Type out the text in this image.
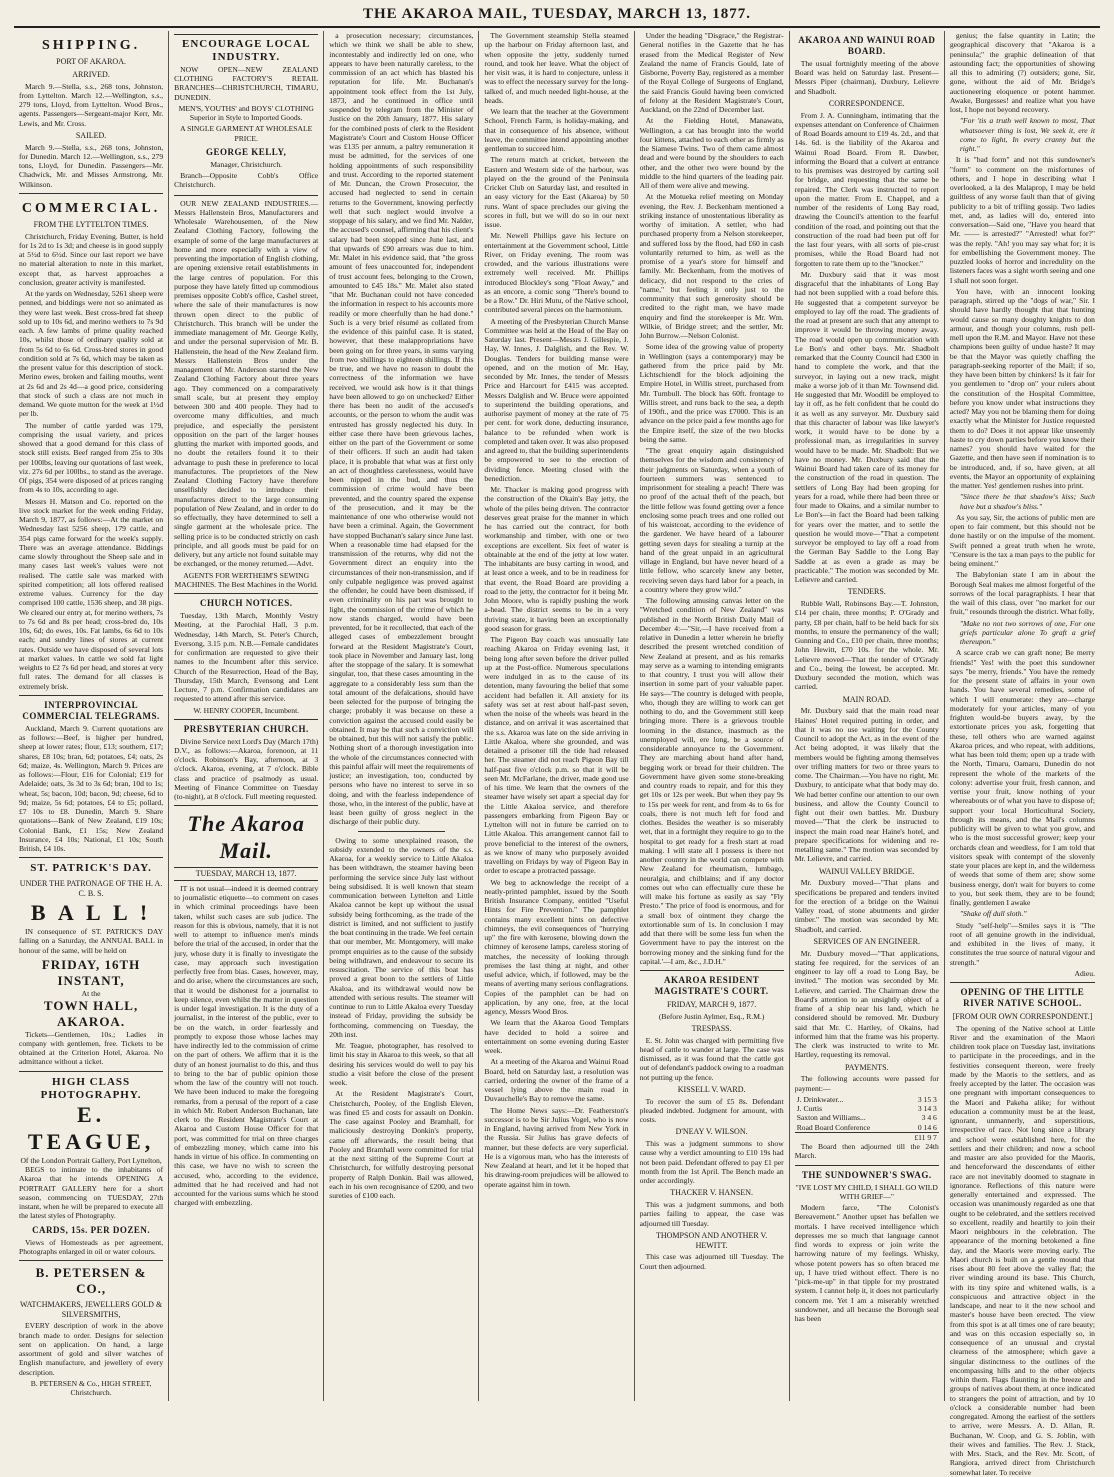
THE AKAROA MAIL, TUESDAY, MARCH 13, 1877.
SHIPPING.
PORT OF AKAROA.
ARRIVED.

March 9.—Stella, s.s., 268 tons, Johnston, from Lyttelton. March 12.—Wellington, s.s., 279 tons, Lloyd, from Lyttelton. Wood Bros., agents. Passengers—Sergeant-major Kerr, Mr. Lewis, and Mr. Cross.

SAILED.

March 9.—Stella, s.s., 268 tons, Johnston, for Dunedin. March 12.—Wellington, s.s., 279 tons, Lloyd, for Dunedin. Passengers—Mr. Chadwick, Mr. and Misses Armstrong, Mr. Wilkinson.

COMMERCIAL.
FROM THE LYTTELTON TIMES.

Christchurch, Friday Evening. Butter, is held for 1s 2d to 1s 3d; and cheese is in good supply at 5½d to 6½d. Since our last report we have no material alteration to note in this market, except that, as harvest approaches a conclusion, greater activity is manifested.

At the yards on Wednesday, 5261 sheep were penned, and biddings were not so animated as they were last week. Best cross-bred fat sheep sold up to 10s 6d, and merino wethers to 7s 9d each. A few lambs of prime quality reached 10s, whilst those of ordinary quality sold at from 5s 6d to 6s 6d. Cross-bred stores in good condition sold at 7s 6d, which may be taken as the present value for this description of stock. Merino ewes, broken and failing mouths, went at 2s 6d and 2s 4d—a good price, considering that stock of such a class are not much in demand. We quote mutton for the week at 1½d per lb.

The number of cattle yarded was 179, comprising the usual variety, and prices showed that a good demand for this class of stock still exists. Beef ranged from 25s to 30s per 100lbs, leaving our quotations of last week, viz. 27s 6d per 100lbs., to stand as the average. Of pigs, 354 were disposed of at prices ranging from 4s to 10s, according to age.

Messrs H. Matson and Co. reported on the live stock market for the week ending Friday, March 9, 1877, as follows:—At the market on Wednesday last 5256 sheep, 179 cattle, and 354 pigs came forward for the week's supply. There was an average attendance. Biddings came slowly throughout the Sheep sale and in many cases last week's values were not realised. The cattle sale was marked with spirited competition; all lots offered realised extreme values. Currency for the day comprised 100 cattle, 1536 sheep, and 38 pigs. We cleared our entry at, for merino wethers, 7s to 7s 6d and 8s per head; cross-bred do, 10s 10s, 6d; do ewes, 10s. Fat lambs, 6s 6d to 10s each; and sundry lines of stores at current rates. Outside we have disposed of several lots at market values. In cattle we sold fat light weights to £2 7s 6d per head, and stores at very full rates. The demand for all classes is extremely brisk.

INTERPROVINCIAL COMMERCIAL TELEGRAMS.

Auckland, March 9. Current quotations are as follows:—Beef, is higher per hundred, sheep at lower rates; flour, £13; southern, £17; shares, £8 10s; bran, 6d; potatoes, £4; oats, 2s 6d; maize, 4s. Wellington, March 9. Prices are as follows:—Flour, £16 for Colonial; £19 for Adelaide; oats, 3s 3d to 3s 6d; bran, 10d to 1s; wheat, 5s; bacon, 10d; bacon, 9d; cheese, 6d to 9d; maize, 5s 6d; potatoes, £4 to £5; pollard, £7 10s to £8. Dunedin, March 9. Share quotations—Bank of New Zealand, £19 10s; Colonial Bank, £1 15s; New Zealand Insurance, £4 10s; National, £1 10s; South British, £4 10s.

ST. PATRICK'S DAY.
UNDER THE PATRONAGE OF THE H. A. C. B. S.
B A L L !

IN consequence of ST. PATRICK'S DAY falling on a Saturday, the ANNUAL BALL in honour of the same, will be held on

FRIDAY, 16TH INSTANT,
At the
TOWN HALL, AKAROA.

Tickets—Gentlemen, 10s.; Ladies in company with gentlemen, free. Tickets to be obtained at the Criterion Hotel, Akaroa. No admittance without a ticket.

HIGH CLASS PHOTOGRAPHY.
E. TEAGUE,
Of the London Portrait Gallery, Port Lyttelton,

BEGS to intimate to the inhabitants of Akaroa that he intends OPENING A PORTRAIT GALLERY here for a short season, commencing on TUESDAY, 27th instant, when he will be prepared to execute all the latest styles of Photography.

CARDS, 15s. PER DOZEN.

Views of Homesteads as per agreement, Photographs enlarged in oil or water colours.

B. PETERSEN & CO.,
WATCHMAKERS, JEWELLERS GOLD & SILVERSMITHS,

EVERY description of work in the above branch made to order. Designs for selection sent on application. On hand, a large assortment of gold and silver watches of English manufacture, and jewellery of every description.

B. PETERSEN & Co., HIGH STREET, Christchurch.

ENCOURAGE LOCAL INDUSTRY.

NOW OPEN—NEW ZEALAND CLOTHING FACTORY'S RETAIL BRANCHES—CHRISTCHURCH, TIMARU, DUNEDIN.

MEN'S, YOUTHS' and BOYS' CLOTHING Superior in Style to Imported Goods.

A SINGLE GARMENT AT WHOLESALE PRICE.

GEORGE KELLY,

Manager, Christchurch.

Branch—Opposite Cobb's Office Christchurch.

OUR NEW ZEALAND INDUSTRIES.—Messrs Hallenstein Bros, Manufacturers and Wholesale Warehousemen, of the New Zealand Clothing Factory, following the example of some of the large manufacturers at home and more especially with a view of preventing the importation of English clothing, are opening extensive retail establishments in the large centres of population. For this purpose they have lately fitted up commodious premises opposite Cobb's office, Cashel street, where the sale of their manufactures is now thrown open direct to the public of Christchurch. This branch will be under the immediate management of Mr. George Kelly, and under the personal supervision of Mr. B. Hallenstein, the head of the New Zealand firm. Messrs Hallenstein Bros under the management of Mr. Anderson started the New Zealand Clothing Factory about three years ago. They commenced on a comparatively small scale, but at present they employ between 300 and 400 people. They had to overcome many difficulties, and much prejudice, and especially the persistent opposition on the part of the larger houses glutting the market with imported goods, and no doubt the retailers found it to their advantage to push these in preference to local manufactures. The proprietors of the New Zealand Clothing Factory have therefore unselfishly decided to introduce their manufactures direct to the large consuming population of New Zealand, and in order to do so effectually, they have determined to sell a single garment at the wholesale price. The selling price is to be conducted strictly on cash principle, and all goods must be paid for on delivery, but any article not found suitable may be exchanged, or the money returned.—Advt.

AGENTS FOR WERTHEIM'S SEWING MACHINES. The Best Machines in the World.

CHURCH NOTICES.

Tuesday, 13th March, Monthly Vestry Meeting, at the Parochial Hall, 3 p.m. Wednesday, 14th March, St. Peter's Church, Eversong, 3.15 p.m. N.B.—Female candidates for confirmation are requested to give their names to the Incumbent after this service. Church of the Resurrection, Head of the Bay, Thursday, 15th March, Evensong and Lent Lecture, 7 p.m. Confirmation candidates are requested to attend after this service.

W. HENRY COOPER, Incumbent.

PRESBYTERIAN CHURCH.

Divine Service next Lord's Day (March 17th) D.V., as follows:—Akaroa, forenoon, at 11 o'clock. Robinson's Bay, afternoon, at 3 o'clock. Akaroa, evening, at 7 o'clock. Bible class and practice of psalmody as usual. Meeting of Finance Committee on Tuesday (to-night), at 8 o'clock. Full meeting requested.

The Akaroa Mail.
TUESDAY, MARCH 13, 1877.

IT is not usual—indeed it is deemed contrary to journalistic etiquette—to comment on cases in which criminal proceedings have been taken, whilst such cases are sub judice. The reason for this is obvious, namely, that it is not well to attempt to influence men's minds before the trial of the accused, in order that the jury, whose duty it is finally to investigate the case, may approach such investigation perfectly free from bias. Cases, however, may, and do arise, where the circumstances are such, that it would be dishonest for a journalist to keep silence, even whilst the matter in question is under legal investigation. It is the duty of a journalist, in the interest of the public, ever to be on the watch, in order fearlessly and promptly to expose those whose laches may have indirectly led to the commission of crime on the part of others. We affirm that it is the duty of an honest journalist to do this, and thus to bring to the bar of public opinion those whom the law of the country will not touch. We have been induced to make the foregoing remarks, from a perusal of the report of a case in which Mr. Robert Anderson Buchanan, late clerk to the Resident Magistrate's Court at Akaroa and Custom House Officer for that port, was committed for trial on three charges of embezzling money, which came into his hands in virtue of his office. In commenting on this case, we have no wish to screen the accused, who, according to the evidence, admitted that he had received and had not accounted for the various sums which he stood charged with embezzling.

a prosecution necessary; circumstances, which we think we shall be able to shew, incontestably and indirectly led on one, who appears to have been naturally careless, to the commission of an act which has blasted his reputation for life. Mr. Buchanan's appointment took effect from the 1st July, 1873, and he continued in office until suspended by telegram from the Minister of Justice on the 20th January, 1877. His salary for the combined posts of clerk to the Resident Magistrate's Court and Custom House Officer was £135 per annum, a paltry remuneration it must be admitted, for the services of one holding appointments of such responsibility and trust. According to the reported statement of Mr. Duncan, the Crown Prosecutor, the accused had neglected to send in certain returns to the Government, knowing perfectly well that such neglect would involve a stoppage of his salary, and we find Mr. Nalder, the accused's counsel, affirming that his client's salary had been stopped since June last, and that upwards of £90 arrears was due to him. Mr. Malet in his evidence said, that "the gross amount of fees unaccounted for, independent of trust account fees, belonging to the Crown, amounted to £45 18s." Mr. Malet also stated "that Mr. Buchanan could not have conceded the information in respect to his accounts more readily or more cheerfully than he had done." Such is a very brief résumé as collated from the evidence of this painful case. It is stated, however, that these malappropriations have been going on for three years, in sums varying from two shillings to eighteen shillings. If this be true, and we have no reason to doubt the correctness of the information we have received, we would ask how is it that things have been allowed to go on unchecked? Either there has been no audit of the accused's accounts, or the person to whom the audit was entrusted has grossly neglected his duty. In either case there have been grievous laches, either on the part of the Government or some of their officers. If such an audit had taken place, it is probable that what was at first only an act of thoughtless carelessness, would have been nipped in the bud, and thus the commission of crime would have been prevented, and the country spared the expense of the prosecution, and it may be the maintenance of one who otherwise would not have been a criminal. Again, the Government have stopped Buchanan's salary since June last. When a reasonable time had elapsed for the transmission of the returns, why did not the Government direct an enquiry into the circumstances of their non-transmission, and if only culpable negligence was proved against the offender, he could have been dismissed, if even criminality on his part was brought to light, the commission of the crime of which he now stands charged, would have been prevented, for be it recollected, that each of the alleged cases of embezzlement brought forward at the Resident Magistrate's Court, took place in November and January last, long after the stoppage of the salary. It is somewhat singular, too, that these cases amounting in the aggregate to a considerably less sum than the total amount of the defalcations, should have been selected for the purpose of bringing the charge; probably it was because on these a conviction against the accused could easily be obtained. It may be that such a conviction will be obtained, but this will not satisfy the public. Nothing short of a thorough investigation into the whole of the circumstances connected with this painful affair will meet the requirements of justice; an investigation, too, conducted by persons who have no interest to serve in so doing, and with the fearless independence of those, who, in the interest of the public, have at least been guilty of gross neglect in the discharge of their public duty.

Owing to some unexplained reason, the subsidy extended to the owners of the s.s. Akaroa, for a weekly service to Little Akaloa has been withdrawn, the steamer having been performing the service since July last without being subsidised. It is well known that steam communication between Lyttelton and Little Akaloa cannot be kept up without the usual subsidy being forthcoming, as the trade of the district is limited, and not sufficient to justify the boat continuing in the trade. We feel certain that our member, Mr. Montgomery, will make prompt enquiries as to the cause of the subsidy being withdrawn, and endeavour to secure its resuscitation. The service of this boat has proved a great boon to the settlers of Little Akaloa, and its withdrawal would now be attended with serious results. The steamer will continue to run to Little Akaloa every Tuesday instead of Friday, providing the subsidy be forthcoming, commencing on Tuesday, the 20th inst.

Mr. Teague, photographer, has resolved to limit his stay in Akaroa to this week, so that all desiring his services would do well to pay his studio a visit before the close of the present week.

At the Resident Magistrate's Court, Christchurch, Pooley, of the English Eleven, was fined £5 and costs for assault on Donkin. The case against Pooley and Bramhall, for maliciously destroying Donkin's property, came off afterwards, the result being that Pooley and Bramhall were committed for trial at the next sitting of the Supreme Court at Christchurch, for wilfully destroying personal property of Ralph Donkin. Bail was allowed, each in his own recognisance of £200, and two sureties of £100 each.

The Government steamship Stella steamed up the harbour on Friday afternoon last, and when opposite the jetty, suddenly turned round, and took her leave. What the object of her visit was, it is hard to conjecture, unless it was to effect the necessary survey for the long-talked of, and much needed light-house, at the heads.

We learn that the teacher at the Government School, French Farm, is holiday-making, and that in consequence of his absence, without leave, the committee intend appointing another gentleman to succeed him.

The return match at cricket, between the Eastern and Western side of the harbour, was played on the the ground of the Peninsula Cricket Club on Saturday last, and resulted in an easy victory for the East (Akaroa) by 50 runs. Want of space precludes our giving the scores in full, but we will do so in our next issue.

Mr. Newell Phillips gave his lecture on entertainment at the Government school, Little River, on Friday evening. The room was crowded, and the various illustrations were extremely well received. Mr. Phillips introduced Blockley's song "Float Away," and as an encore, a comic song "There's bound to be a Row." Dr. Hiri Mutu, of the Native school, contributed several pieces on the harmonium.

A meeting of the Presbyterian Church Manse Committee was held at the Head of the Bay on Saturday last. Present—Messrs J. Gillespie, J. Hay, W. Innes, J. Dalglish, and the Rev. W. Douglas. Tenders for building manse were opened, and on the motion of Mr. Hay, seconded by Mr. Innes, the tender of Messrs Price and Harcourt for £415 was accepted. Messrs Dalglish and W. Bruce were appointed to superintend the building operations, and authorise payment of money at the rate of 75 per cent. for work done, deducting insurance, balance to be refunded when work is completed and taken over. It was also proposed and agreed to, that the building superintendents be empowered to see to the erection of dividing fence. Meeting closed with the benediction.

Mr. Thacker is making good progress with the construction of the Okain's Bay jetty, the whole of the piles being driven. The contractor deserves great praise for the manner in which he has carried out the contract, for both workmanship and timber, with one or two exceptions are excellent. Six feet of water is obtainable at the end of the jetty at low water. The inhabitants are busy carting in wood, and at least once a week, and to be in readiness for that event, the Road Board are providing a road to the jetty, the contractor for it being Mr. John Moore, who is rapidly pushing the work a-head. The district seems to be in a very thriving state, it having been an exceptionally good season for grass.

The Pigeon Bay coach was unusually late reaching Akaroa on Friday evening last, it being long after seven before the driver pulled up at the Post-office. Numerous speculations were indulged in as to the cause of its detention, many favouring the belief that some accident had befallen it. All anxiety for its safety was set at rest about half-past seven, when the noise of the wheels was heard in the distance, and on arrival it was ascertained that the s.s. Akaroa was late on the side arriving in Little Akaloa, where she grounded, and was detained a prisoner till the tide had released her. The steamer did not reach Pigeon Bay till half-past five o'clock p.m. so that it will be seen Mr. McFarlane, the driver, made good use of his time. We learn that the owners of the steamer have wisely set apart a special day for the Little Akaloa service, and therefore passengers embarking from Pigeon Bay or Lyttelton will not in future be carried on to Little Akaloa. This arrangement cannot fail to prove beneficial to the interest of the owners, as we know of many who purposely avoided travelling on Fridays by way of Pigeon Bay in order to escape a protracted passage.

We beg to acknowledge the receipt of a neatly-printed pamphlet, issued by the South British Insurance Company, entitled "Useful Hints for Fire Prevention." The pamphlet contains many excellent hints on defective chimneys, the evil consequences of "hurrying up" the fire with kerosene, blowing down the chimney of kerosene lamps, careless storing of matches, the necessity of looking through premises the last thing at night, and other useful advice, which, if followed, may be the means of averting many serious conflagrations. Copies of the pamphlet can be had on application, by any one, free, at the local agency, Messrs Wood Bros.

We learn that the Akaroa Good Templars have decided to hold a soiree and entertainment on some evening during Easter week.

At a meeting of the Akaroa and Wainui Road Board, held on Saturday last, a resolution was carried, ordering the owner of the frame of a vessel lying above the main road in Duvauchelle's Bay to remove the same.

The Home News says:—Dr. Featherston's successor is to be Sir Julius Vogel, who is now in England, having arrived from New York in the Russia. Sir Julius has grave defects of manner, but these defects are very superficial. He is a vigorous man, who has the interests of New Zealand at heart, and let it be hoped that his drawing-room prejudices will be allowed to operate against him in town.

Under the heading "Disgrace," the Registrar-General notifies in the Gazette that he has erased from the Medical Register of New Zealand the name of Francis Gould, late of Gisborne, Poverty Bay, registered as a member of the Royal College of Surgeons of England, the said Francis Gould having been convicted of felony at the Resident Magistrate's Court, Auckland, on the 22nd of December last.

At the Fielding Hotel, Manawatu, Wellington, a cat has brought into the world four kittens, attached to each other as firmly as the Siamese Twins. Two of them came almost dead and were bound by the shoulders to each other, and the other two were bound by the middle to the hind quarters of the leading pair. All of them were alive and mewing.

At the Motueka relief meeting on Monday evening, the Rev. J. Beckenham mentioned a striking instance of unostentatious liberality as worthy of imitation. A settler, who had purchased property from a Nelson storekeeper, and suffered loss by the flood, had £60 in cash voluntarily returned to him, as well as the promise of a year's store for himself and family. Mr. Beckenham, from the motives of delicacy, did not respond to the cries of "name," but feeling it only just to the community that such generosity should be credited to the right man, we have made enquiry and find the storekeeper is Mr. Wm. Wilkie, of Bridge street; and the settler, Mr. John Burrow.—Nelson Colonist.

Some idea of the growing value of property in Wellington (says a contemporary) may be gathered from the price paid by Mr. Lichtschiendl for the block adjoining the Empire Hotel, in Willis street, purchased from Mr. Turnbull. The block has 60ft. frontage to Willis street, and runs back to the sea, a depth of 190ft., and the price was £7000. This is an advance on the price paid a few months ago for the Empire itself, the size of the two blocks being the same.

"The great enquiry again distinguished themselves for the wisdom and consistency of their judgments on Saturday, when a youth of fourteen summers was sentenced to imprisonment for stealing a peach! There was no proof of the actual theft of the peach, but the little fellow was found getting over a fence enclosing some peach trees and one rolled out of his waistcoat, according to the evidence of the gardener. We have heard of a labourer getting seven days for stealing a turnip at the hand of the great unpaid in an agricultural village in England, but have never heard of a little fellow, who scarcely knew any better, receiving seven days hard labor for a peach, in a country where they grow wild."

The following amusing canvas letter on the "Wretched condition of New Zealand" was published in the North British Daily Mail of December 4:—"Sir,—I have received from a relative in Dunedin a letter wherein he briefly described the present wretched condition of New Zealand at present, and as his remarks may serve as a warning to intending emigrants to that country, I trust you will allow their insertion in some part of your valuable paper. He says—'The country is deluged with people, who, though they are willing to work can get nothing to do, and the Government still keep bringing more. There is a grievous trouble looming in the distance, inasmuch as the unemployed will, ere long, be a source of considerable annoyance to the Government. They are marching about hand after hand, begging work or bread for their children. The Government have given some stone-breaking and country roads to repair, and for this they get 10s or 12s per week. But when they pay 9s to 15s per week for rent, and from 4s to 6s for coals, there is not much left for food and clothes. Besides the weather is so miserably wet, that in a fortnight they require to go to the hospital to get ready for a fresh start at road making. I will state all I possess is there not another country in the world can compete with New Zealand for rheumatism, lumbago, neuralgia, and chilblains; and if any doctor comes out who can effectually cure these he will make his fortune as easily as say "Fly Presto." The price of food is enormous, and for a small box of ointment they charge the extortionable sum of 1s. In conclusion I may add that there will be some less fun when the Government have to pay the interest on the borrowing money and the sinking fund for the capital.'—I am, &c., J.D.H."

AKAROA RESIDENT MAGISTRATE'S COURT.
FRIDAY, MARCH 9, 1877.
(Before Justin Aylmer, Esq., R.M.)
TRESPASS.

E. St. John was charged with permitting five head of cattle to wander at large. The case was dismissed, as it was found that the cattle got out of defendant's paddock owing to a roadman not putting up the fence.

KISSELL V. WARD.

To recover the sum of £5 8s. Defendant pleaded indebted. Judgment for amount, with costs.

D'NEAY V. WILSON.

This was a judgment summons to show cause why a verdict amounting to £10 19s had not been paid. Defendant offered to pay £1 per month from the 1st April. The Bench made an order accordingly.

THACKER V. HANSEN.

This was a judgment summons, and both parties failing to appear, the case was adjourned till Tuesday.

THOMPSON AND ANOTHER V. HEWITT.

This case was adjourned till Tuesday. The Court then adjourned.

AKAROA AND WAINUI ROAD BOARD.

The usual fortnightly meeting of the above Board was held on Saturday last. Present—Messrs Piper (chairman), Duxbury, Lelievre and Shadbolt.

CORRESPONDENCE.

From J. A. Cunningham, intimating that the expenses attendant on Conference of Chairmen of Road Boards amount to £19 4s. 2d., and that 14s. 6d. is the liability of the Akaroa and Wainui Road Board. From R. Dawber, informing the Board that a culvert at entrance to his premises was destroyed by carting soil for bridge, and requesting that the same be repaired. The Clerk was instructed to report upon the matter. From E. Chappel, and a number of the residents of Long Bay road, drawing the Council's attention to the fearful condition of the road, and pointing out that the construction of the road had been put off for the last four years, with all sorts of pie-crust promises, while the Road Board had not forgotten to rate them up to the "knocker."

Mr. Duxbury said that it was most disgraceful that the inhabitants of Long Bay had not been supplied with a road before this. He suggested that a competent surveyor be employed to lay off the road. The gradients of the road at present are such that any attempt to improve it would be throwing money away. The road would open up communication with Le Bon's and other bays. Mr. Shadbolt remarked that the County Council had £300 in hand to complete the work, and that the surveyor, in laying out a new track, might make a worse job of it than Mr. Townsend did. He suggested that Mr. Woodill be employed to lay it off, as he felt confident that he could do it as well as any surveyor. Mr. Duxbury said that this character of labour was like lawyer's work, it would have to be done by a professional man, as irregularities in survey would have to be made. Mr. Shadbolt: But we have no money. Mr. Duxbury said that the Wainui Board had taken care of its money for the construction of the road in question. The settlers of Long Bay had been groping for years for a road, while there had been three or four made to Okains, and a similar number to Le Bon's—in fact the Board had been talking for years over the matter, and to settle the question he would move—"That a competent surveyor be employed to lay off a road from the German Bay Saddle to the Long Bay Saddle at as even a grade as may be practicable." The motion was seconded by Mr. Lelievre and carried.

TENDERS.

Rubble Wall, Robinsons Bay.—T. Johnston, £14 per chain, three months; P. O'Grady and party, £8 per chain, half to be held back for six months, to ensure the permanency of the wall; Gunning and Co., £10 per chain, three months; John Hewitt, £70 10s. for the whole. Mr. Lelievre moved—That the tender of O'Grady and Co., being the lowest, be accepted. Mr. Duxbury seconded the motion, which was carried.

MAIN ROAD.

Mr. Duxbury said that the main road near Haines' Hotel required putting in order, and that it was no use waiting for the County Council to adopt the Act, as in the event of the Act being adopted, it was likely that the members would be fighting among themselves over trifling matters for two or three years to come. The Chairman.—You have no right, Mr. Duxbury, to anticipate what that body may do. We had better confine our attention to our own business, and allow the County Council to fight out their own battles. Mr. Duxbury moved—"That the clerk be instructed to inspect the main road near Haine's hotel, and prepare specifications for widening and re-metalling same." The motion was seconded by Mr. Lelievre, and carried.

WAINUI VALLEY BRIDGE.

Mr. Duxbury moved—"That plans and specifications be prepared and tenders invited for the erection of a bridge on the Wainui Valley road, of stone abutments and girder timber." The motion was seconded by Mr. Shadbolt, and carried.

SERVICES OF AN ENGINEER.

Mr. Duxbury moved—"That applications, stating fee required, for the services of an engineer to lay off a road to Long Bay, be invited." The motion was seconded by Mr. Lelievre, and carried. The Chairman drew the Board's attention to an unsightly object of a frame of a ship near his land, which he considered should be removed. Mr. Duxbury said that Mr. C. Hartley, of Okains, had informed him that the frame was his property. The clerk was instructed to write to Mr. Hartley, requesting its removal.

PAYMENTS.

The following accounts were passed for payment:—

J. Drinkwater...	3 15 3
J. Curtis	3 14 3
Saxton and Williams...	3 4 6
Road Board Conference	0 14 6
	£11 9 7

The Board then adjourned till the 24th March.

THE SUNDOWNER'S SWAG.

"IVE LOST MY CHILD, I SHALL GO WILD WITH GRIEF—"

Modern farce, "The Colonist's Bereavement." Another upset has befallen we mortals. I have received intelligence which depresses me so much that language cannot find words to express or join write the harrowing nature of my feelings. Whisky, whose potent powers has so often braced me up, I have tried without effect. There is no "pick-me-up" in that tipple for my prostrated system. I cannot help it, it does not particularly concern me. Yet I am a miserably wretched sundowner, and all because the Borough seal has been

genius; the false quantity in Latin; the geographical discovery that "Akaroa is a peninsula;" the graphic delineation of that astounding fact; the opportunities of showing all this to admiring (?) outsiders; gone, Sir, gone, without the aid of Mr. Bridge's auctioneering eloquence or potent hammer. Awake, Burgesses! and realize what you have lost, I hope not beyond recovery.

"For 'tis a truth well known to most, That whatsoever thing is lost, We seek it, ere it come to light, In every cranny but the right."

It is "bad form" and not this sundowner's "form" to comment on the misfortunes of others, and I hope in describing what I overlooked, a la des Malaprop, I may be held guiltless of any worse fault than that of giving publicity to a bit of trifling gossip. Two ladies met, and, as ladies will do, entered into conversation—Said one, "Have you heard that Mr. —— is arrested?" "Arrested! what for?" was the reply. "Ah! you may say what for; it is for embellishing the Government money. The puzzled looks of horror and incredulity on the listeners faces was a sight worth seeing and one I shall not soon forget.

You have, with an innocent looking paragraph, stirred up the "dogs of war," Sir. I should have hardly thought that that hunting would cause so many doughty knights to don armour, and though your columns, rush pell-mell upon the R.M. and Mayor. Have not these champions been guilty of undue haste? It may be that the Mayor was quietly chaffing the paragraph-seeking reporter of the Mail; if so, they have been bitten by chinkers! Is it fair for you gentlemen to "drop on" your rulers about the constitution of the Hospital Committee, before you know under what instructions they acted? May you not be blaming them for doing exactly what the Minister for Justice requested them to do? Does it not appear like unseemly haste to cry down parties before you know their names? you should have waited for the Gazette, and then have seen if nomination is to be introduced, and, if so, have given, at all events, the Mayor an opportunity of explaining the matter. Yes! gentlemen rushes into print.

"Since there be that shadow's kiss; Such have but a shadow's bliss."

As you say, Sir, the actions of public men are open to fair comment, but this should not be done hastily or on the impulse of the moment. Swift penned a great truth when he wrote, "Censure is the tax a man pays to the public for being eminent."

The Babylonian state I am in about the Borough Seal makes me almost forgetful of the sorrows of the local paragraphists. I hear that the wail of this class, over "no market for our fruit," resounds through the district. What folly,

"Make no not two sorrows of one, For one griefs particular alone To graft a grief thereupon."

A scarce crab we can graft none; Be merry friends!" Yes! with the poet this sundowner says "be merry, friends." You have the remedy for the present state of affairs in your own hands. You have several remedies, some of which I will enumerate: they are—charge moderately for your articles, many of you frighten would-be buyers away, by the extortionate prices you ask, forgetting that these, tell others who are warned against Akaroa prices, and who repeat, with additions, what has been told them; open up a trade with the North, Timaru, Oamaru, Dunedin do not represent the whole of the markets of the colony: advertise your fruit, fresh cannon, and vertise your fruit, know nothing of your whereabouts or of what you have to dispose of; support your local Horticultural Society, through its means, and the Mail's columns publicity will be given to what you grow, and who is the most successful grower; keep your orchards clean and weedless, for I am told that visitors speak with contempt of the slovenly state your places are kept in, and the wilderness of weeds that some of them are; show some business energy, don't wait for buyers to come to you, but seek them, they are to be found; finally, gentlemen I awake

"Shake off dull sloth."

Study "self-help"—Smiles says it is "The root of all genuine growth in the individual, and exhibited in the lives of many, it constitutes the true source of natural vigour and strength."

Adieu.

OPENING OF THE LITTLE RIVER NATIVE SCHOOL.
[FROM OUR OWN CORRESPONDENT.]

The opening of the Native school at Little River and the examination of the Maori children took place on Tuesday last, invitations to participate in the proceedings, and in the festivities consequent thereon, were freely made by the Maoris to the settlers, and as freely accepted by the latter. The occasion was one pregnant with important consequences to the Maori and Pakeha alike; for without education a community must be at the least, ignorant, unmannerly, and superstitious, irrespective of race. Not long since a library and school were established here, for the settlers and their children; and now a school and master are also provided for the Maoris, and henceforward the descendants of either race are not inevitably doomed to stagnate in ignorance. Reflections of this nature were generally entertained and expressed. The occasion was unanimously regarded as one that ought to be celebrated, and the settlers received so excellent, readily and heartily to join their Maori neighbours in the celebration. The appearance of the morning betokened a fine day, and the Maoris were moving early. The Maori church is built on a gentle mound that rises about 80 feet above the valley flat; the river winding around its base. This Church, with its tiny spire and whitened walls, is a conspicuous and attractive object in the landscape, and near to it the new school and master's house have been erected. The view from this spot is at all times one of rare beauty; and was on this occasion especially so, in consequence of an unusual and crystal clearness of the atmosphere; which gave a singular distinctness to the outlines of the encompassing hills and to the other objects within them. Flags flaunting in the breeze and groups of natives about them, at once indicated to strangers the point of attraction, and by 10 o'clock a considerable number had been congregated. Among the earliest of the settlers to arrive, were Messrs. A. D. Allan, R. Buchanan, W. Coop, and G. S. Joblin, with their wives and families. The Rev. J. Stack, with Mrs. Stack, and the Rev. Mr. Scott, of Rangiora, arrived direct from Christchurch somewhat later. To receive
